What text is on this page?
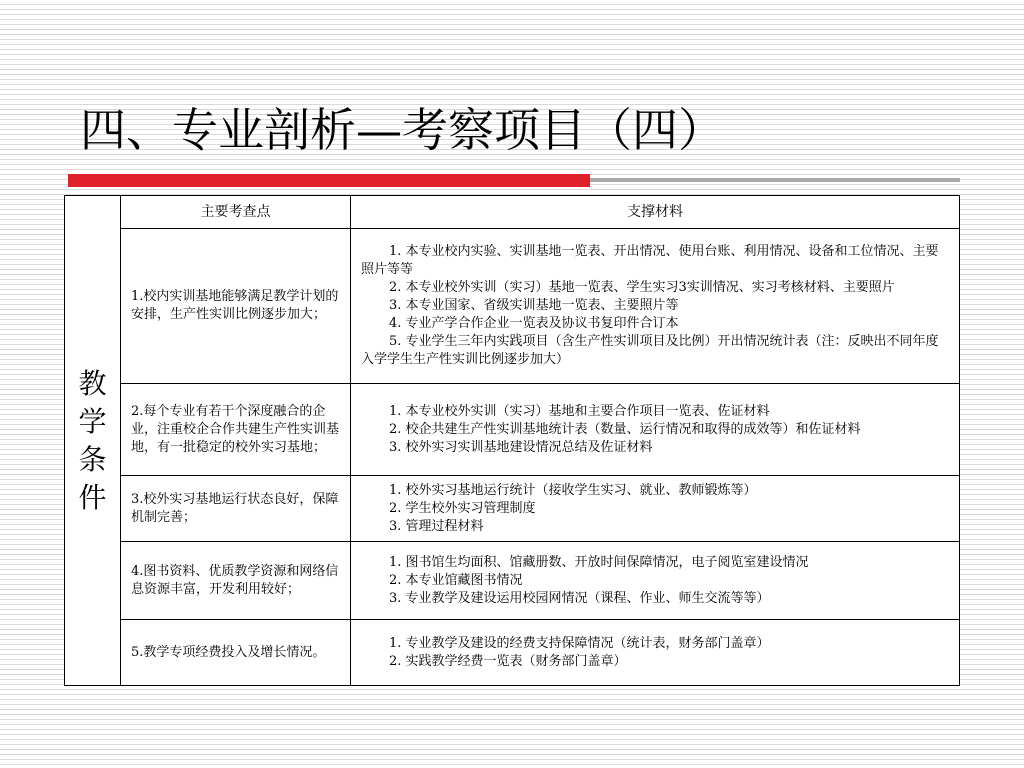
四、专业剖析—考察项目（四）
教学条件	主要考查点	支撑材料
	1.校内实训基地能够满足教学计划的安排，生产性实训比例逐步加大；	1. 本专业校内实验、实训基地一览表、开出情况、使用台账、利用情况、设备和工位情况、主要照片等等
2. 本专业校外实训（实习）基地一览表、学生实习3实训情况、实习考核材料、主要照片
3. 本专业国家、省级实训基地一览表、主要照片等
4. 专业产学合作企业一览表及协议书复印件合订本
5. 专业学生三年内实践项目（含生产性实训项目及比例）开出情况统计表（注：反映出不同年度入学学生生产性实训比例逐步加大）

	2.每个专业有若干个深度融合的企业，注重校企合作共建生产性实训基地，有一批稳定的校外实习基地；	1. 本专业校外实训（实习）基地和主要合作项目一览表、佐证材料
2. 校企共建生产性实训基地统计表（数量、运行情况和取得的成效等）和佐证材料
3. 校外实习实训基地建设情况总结及佐证材料

	3.校外实习基地运行状态良好，保障机制完善；	1. 校外实习基地运行统计（接收学生实习、就业、教师锻炼等）
2. 学生校外实习管理制度
3. 管理过程材料

	4.图书资料、优质教学资源和网络信息资源丰富，开发利用较好；	1. 图书馆生均面积、馆藏册数、开放时间保障情况，电子阅览室建设情况
2. 本专业馆藏图书情况
3. 专业教学及建设运用校园网情况（课程、作业、师生交流等等）

	5.教学专项经费投入及增长情况。	1. 专业教学及建设的经费支持保障情况（统计表，财务部门盖章）
2. 实践教学经费一览表（财务部门盖章）
